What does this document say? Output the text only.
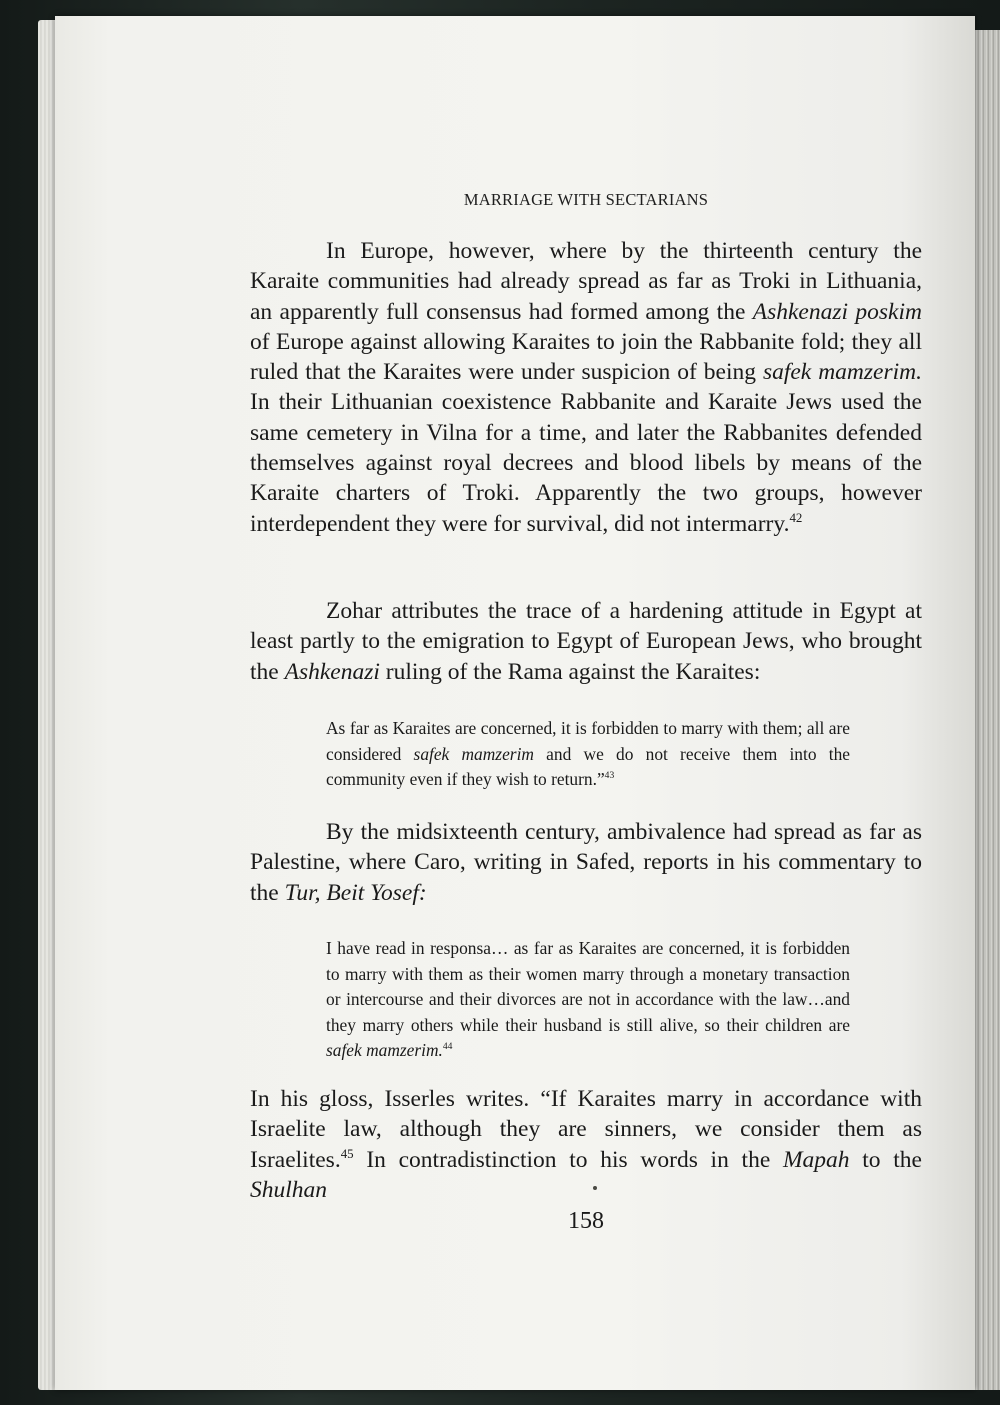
MARRIAGE WITH SECTARIANS

In Europe, however, where by the thirteenth century the Karaite communities had already spread as far as Troki in Lithuania, an apparently full consensus had formed among the Ashkenazi poskim of Europe against allowing Karaites to join the Rabbanite fold; they all ruled that the Karaites were under suspicion of being safek mamzerim. In their Lithuanian coexistence Rabbanite and Karaite Jews used the same cemetery in Vilna for a time, and later the Rabbanites defended themselves against royal decrees and blood libels by means of the Karaite charters of Troki. Apparently the two groups, however interdependent they were for survival, did not intermarry.$^{42}$

Zohar attributes the trace of a hardening attitude in Egypt at least partly to the emigration to Egypt of European Jews, who brought the Ashkenazi ruling of the Rama against the Karaites:

As far as Karaites are concerned, it is forbidden to marry with them; all are considered safek mamzerim and we do not receive them into the community even if they wish to return.”$^{43}$

By the midsixteenth century, ambivalence had spread as far as Palestine, where Caro, writing in Safed, reports in his commentary to the Tur, Beit Yosef:

I have read in responsa… as far as Karaites are concerned, it is forbidden to marry with them as their women marry through a monetary transaction or intercourse and their divorces are not in accordance with the law…and they marry others while their husband is still alive, so their children are safek mamzerim.$^{44}$

In his gloss, Isserles writes. “If Karaites marry in accordance with Israelite law, although they are sinners, we consider them as Israelites.$^{45}$ In contradistinction to his words in the Mapah to the Shulhan

158
